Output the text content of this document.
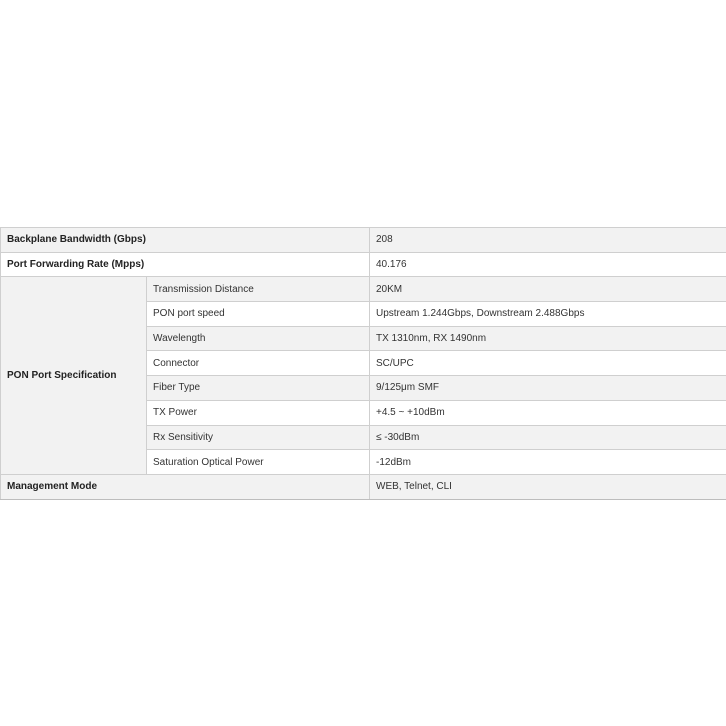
Backplane Bandwidth (Gbps)		208
Port Forwarding Rate (Mpps)		40.176
PON Port Specification	Transmission Distance	20KM
	PON port speed	Upstream 1.244Gbps, Downstream 2.488Gbps
	Wavelength	TX 1310nm, RX 1490nm
	Connector	SC/UPC
	Fiber Type	9/125μm SMF
	TX Power	+4.5 ~ +10dBm
	Rx Sensitivity	≤ -30dBm
	Saturation Optical Power	-12dBm
Management Mode		WEB, Telnet, CLI
